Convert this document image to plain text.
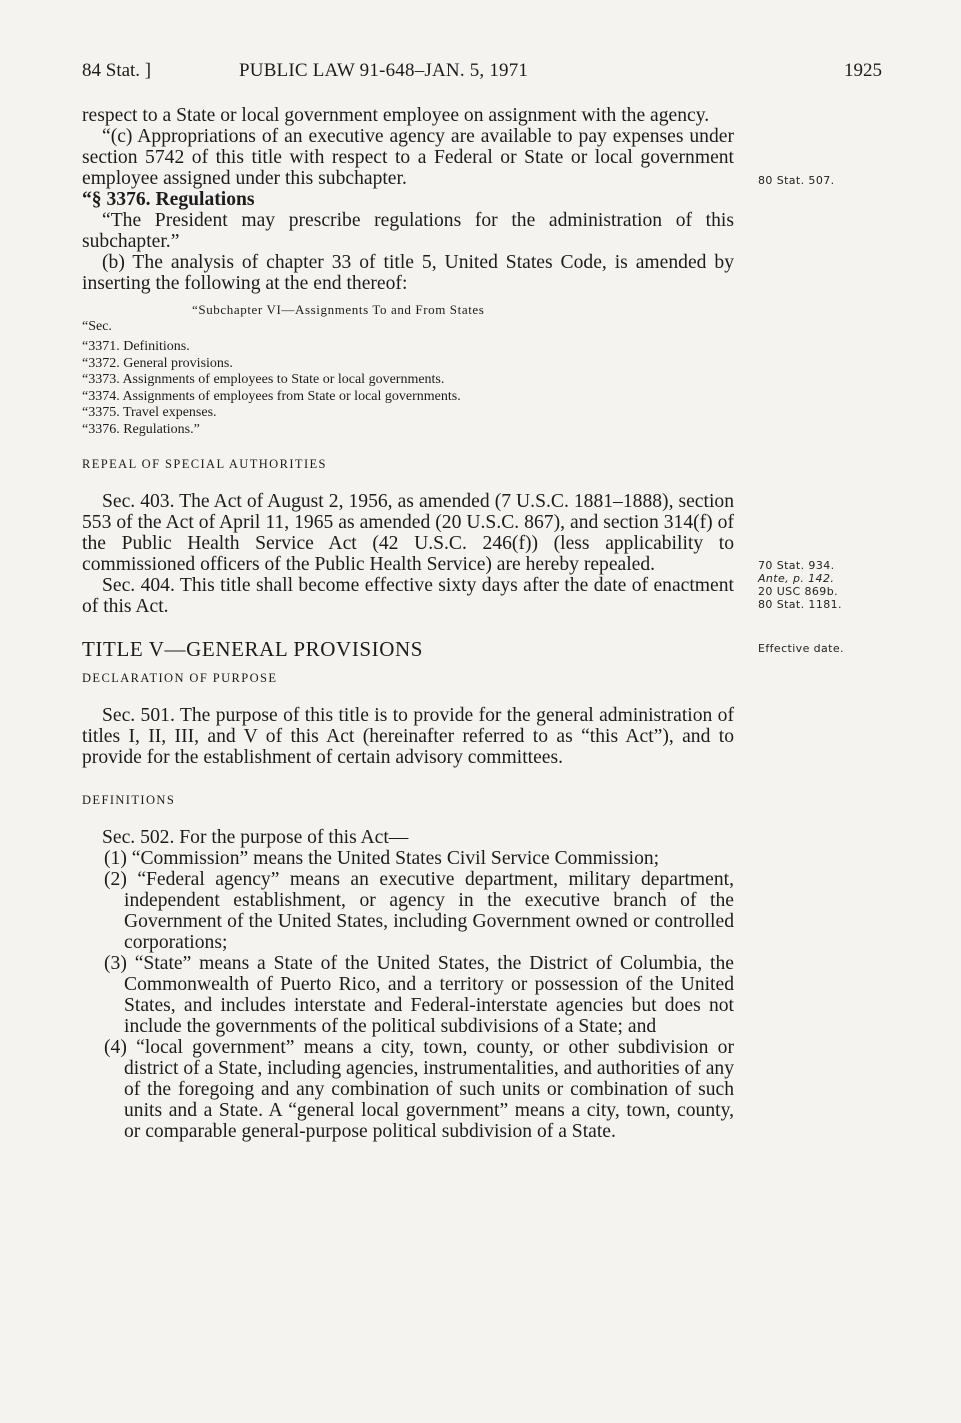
84 Stat. ]	PUBLIC LAW 91-648–JAN. 5, 1971	1925

respect to a State or local government employee on assignment with the agency.

“(c) Appropriations of an executive agency are available to pay expenses under section 5742 of this title with respect to a Federal or State or local government employee assigned under this subchapter.

“§ 3376. Regulations

“The President may prescribe regulations for the administration of this subchapter.”

(b) The analysis of chapter 33 of title 5, United States Code, is amended by inserting the following at the end thereof:

“Subchapter VI—Assignments To and From States
“Sec.
“3371. Definitions.
“3372. General provisions.
“3373. Assignments of employees to State or local governments.
“3374. Assignments of employees from State or local governments.
“3375. Travel expenses.
“3376. Regulations.”

REPEAL OF SPECIAL AUTHORITIES

Sec. 403. The Act of August 2, 1956, as amended (7 U.S.C. 1881–1888), section 553 of the Act of April 11, 1965 as amended (20 U.S.C. 867), and section 314(f) of the Public Health Service Act (42 U.S.C. 246(f)) (less applicability to commissioned officers of the Public Health Service) are hereby repealed.

Sec. 404. This title shall become effective sixty days after the date of enactment of this Act.

TITLE V—GENERAL PROVISIONS

DECLARATION OF PURPOSE

Sec. 501. The purpose of this title is to provide for the general administration of titles I, II, III, and V of this Act (hereinafter referred to as “this Act”), and to provide for the establishment of certain advisory committees.

DEFINITIONS

Sec. 502. For the purpose of this Act—

(1) “Commission” means the United States Civil Service Commission;

(2) “Federal agency” means an executive department, military department, independent establishment, or agency in the executive branch of the Government of the United States, including Government owned or controlled corporations;

(3) “State” means a State of the United States, the District of Columbia, the Commonwealth of Puerto Rico, and a territory or possession of the United States, and includes interstate and Federal-interstate agencies but does not include the governments of the political subdivisions of a State; and

(4) “local government” means a city, town, county, or other subdivision or district of a State, including agencies, instrumentalities, and authorities of any of the foregoing and any combination of such units or combination of such units and a State. A “general local government” means a city, town, county, or comparable general-purpose political subdivision of a State.

80 Stat. 507.
70 Stat. 934.
Ante, p. 142.
20 USC 869b.
80 Stat. 1181.
Effective date.
